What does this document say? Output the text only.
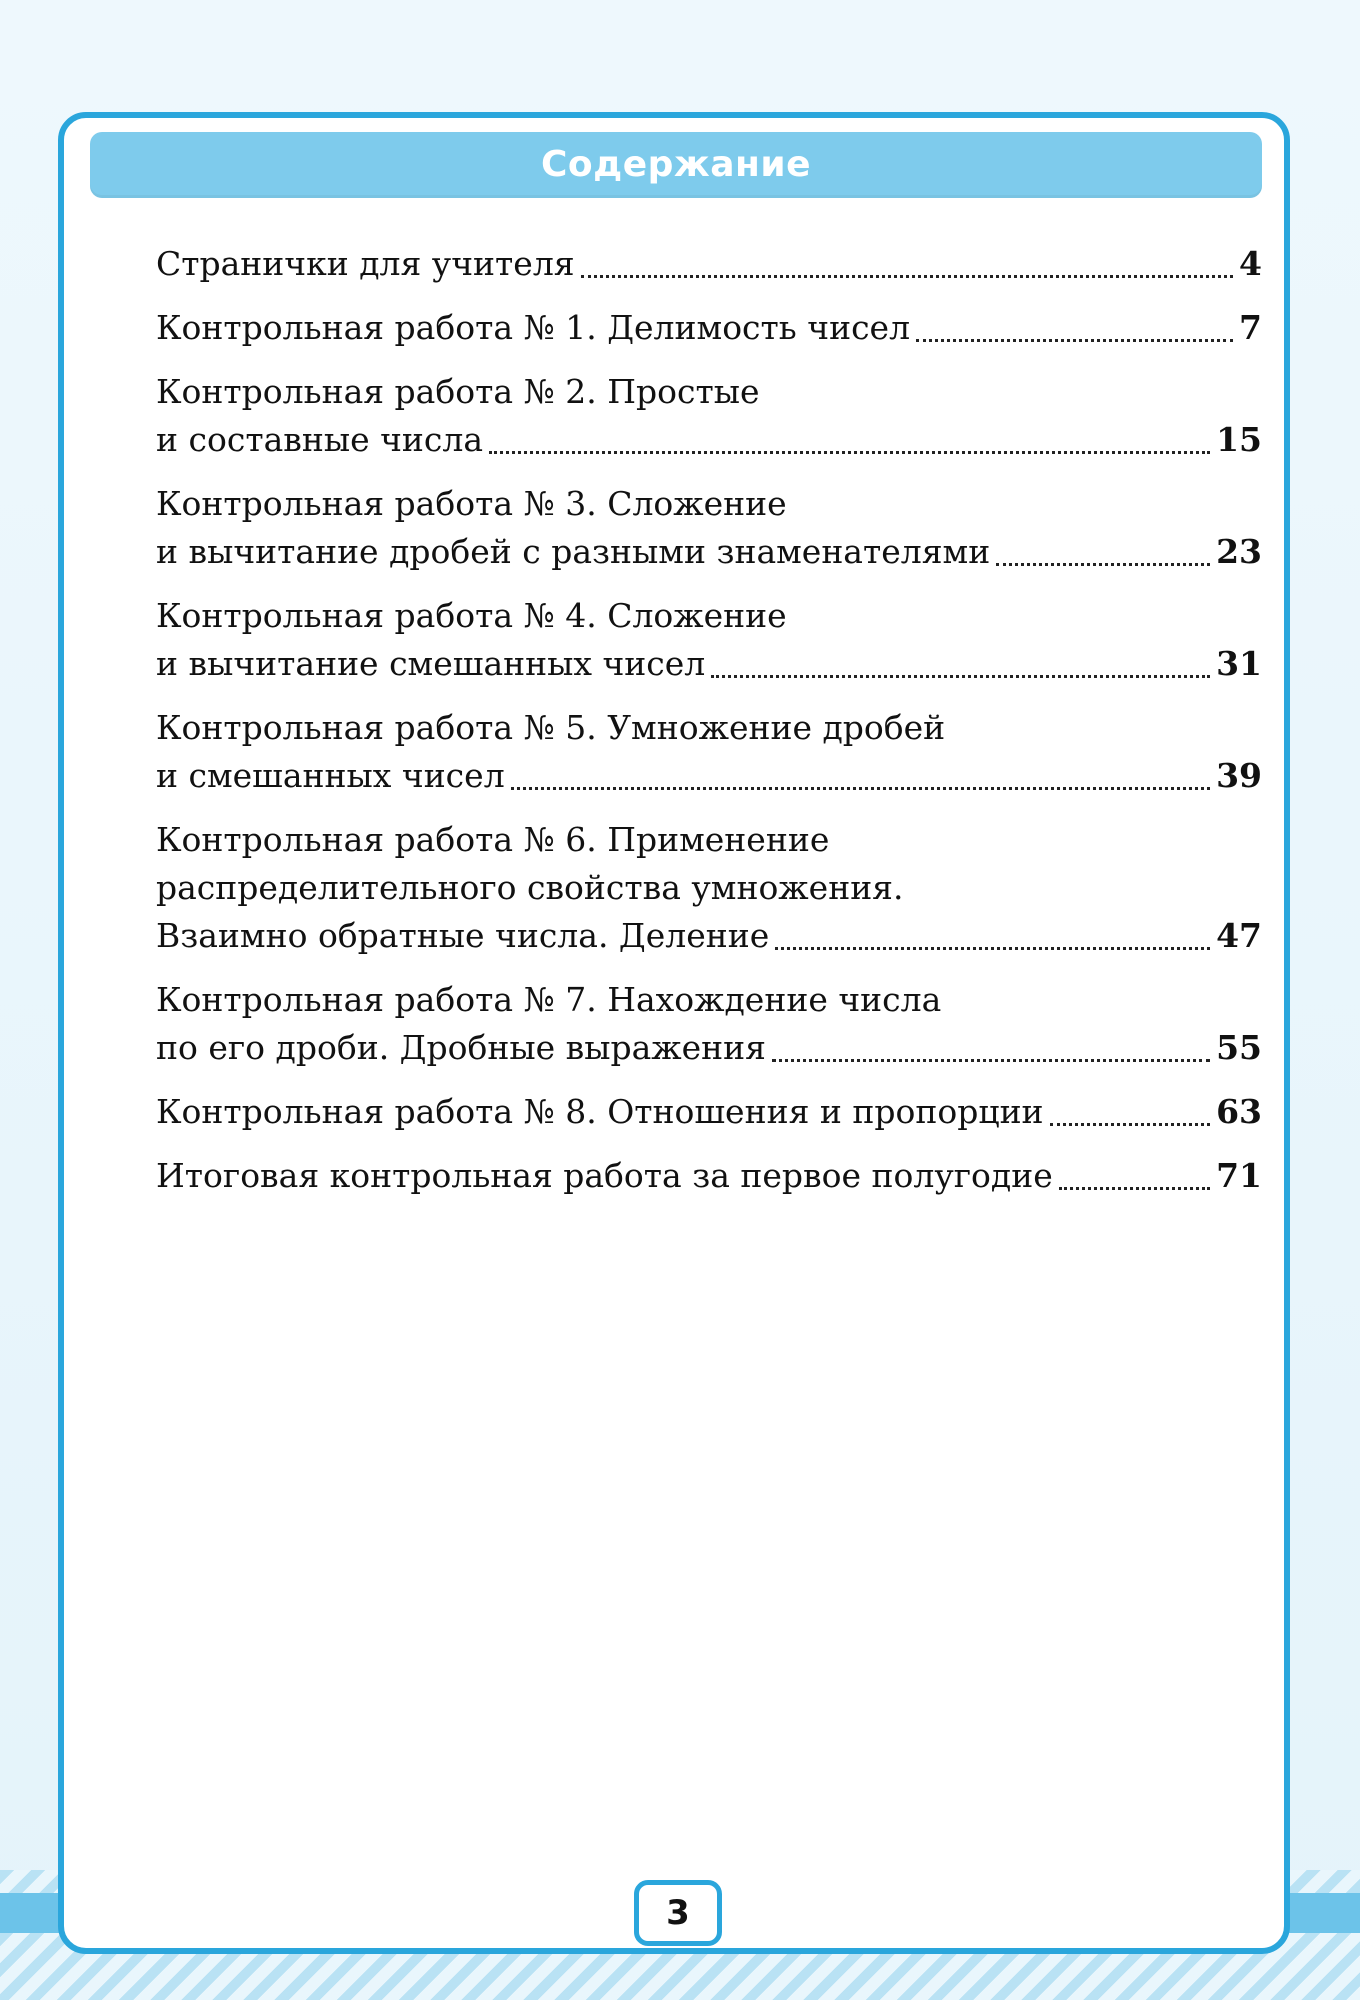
Содержание
Странички для учителя	4
Контрольная работа № 1. Делимость чисел	7
Контрольная работа № 2. Простые
и составные числа	15
Контрольная работа № 3. Сложение
и вычитание дробей с разными знаменателями	23
Контрольная работа № 4. Сложение
и вычитание смешанных чисел	31
Контрольная работа № 5. Умножение дробей
и смешанных чисел	39
Контрольная работа № 6. Применение
распределительного свойства умножения.
Взаимно обратные числа. Деление	47
Контрольная работа № 7. Нахождение числа
по его дроби. Дробные выражения	55
Контрольная работа № 8. Отношения и пропорции	63
Итоговая контрольная работа за первое полугодие	71
3
